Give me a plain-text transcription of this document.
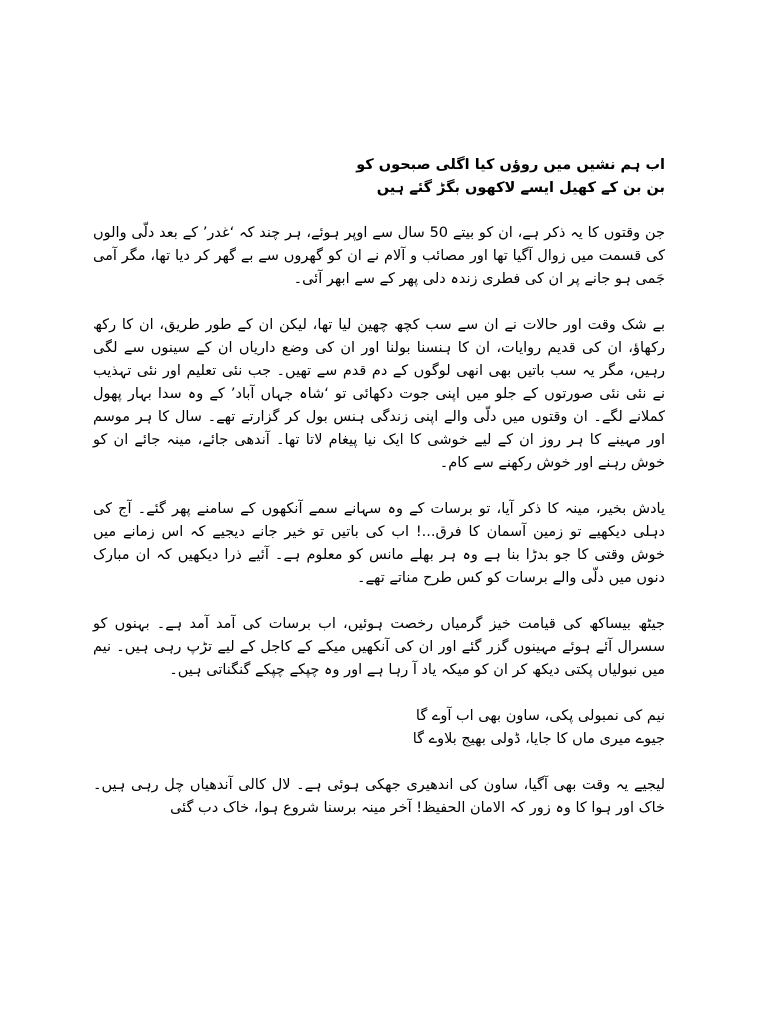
اب ہم نشیں میں روؤں کیا اگلی صبحوں کو
بن بن کے کھیل ایسے لاکھوں بگڑ گئے ہیں

جن وقتوں کا یہ ذکر ہے، ان کو بیتے 50 سال سے اوپر ہوئے، ہر چند کہ ‘غدر’ کے بعد دلّی والوں کی قسمت میں زوال آگیا تھا اور مصائب و آلام نے ان کو گھروں سے بے گھر کر دیا تھا، مگر آمی جَمی ہو جانے پر ان کی فطری زندہ دلی پھر کے سے ابھر آئی۔

بے شک وقت اور حالات نے ان سے سب کچھ چھین لیا تھا، لیکن ان کے طور طریق، ان کا رکھ رکھاؤ، ان کی قدیم روایات، ان کا ہنسنا بولنا اور ان کی وضع داریاں ان کے سینوں سے لگی رہیں، مگر یہ سب باتیں بھی انھی لوگوں کے دم قدم سے تھیں۔ جب نئی تعلیم اور نئی تہذیب نے نئی نئی صورتوں کے جلو میں اپنی جوت دکھائی تو ‘شاہ جہاں آباد’ کے وہ سدا بہار پھول کملانے لگے۔ ان وقتوں میں دلّی والے اپنی زندگی ہنس بول کر گزارتے تھے۔ سال کا ہر موسم اور مہینے کا ہر روز ان کے لیے خوشی کا ایک نیا پیغام لاتا تھا۔ آندھی جائے، مینہ جائے ان کو خوش رہنے اور خوش رکھنے سے کام۔

یادش بخیر، مینہ کا ذکر آیا، تو برسات کے وہ سہانے سمے آنکھوں کے سامنے پھر گئے۔ آج کی دہلی دیکھیے تو زمین آسمان کا فرق...! اب کی باتیں تو خیر جانے دیجیے کہ اس زمانے میں خوش وقتی کا جو بدڑا بنا ہے وہ ہر بھلے مانس کو معلوم ہے۔ آئیے ذرا دیکھیں کہ ان مبارک دنوں میں دلّی والے برسات کو کس طرح مناتے تھے۔

جیٹھ بیساکھ کی قیامت خیز گرمیاں رخصت ہوئیں، اب برسات کی آمد آمد ہے۔ بہنوں کو سسرال آئے ہوئے مہینوں گزر گئے اور ان کی آنکھیں میکے کے کاجل کے لیے تڑپ رہی ہیں۔ نیم میں نبولیاں پکتی دیکھ کر ان کو میکہ یاد آ رہا ہے اور وہ چپکے چپکے گنگناتی ہیں۔

نیم کی نمبولی پکی، ساون بھی اب آوے گا
جیوے میری ماں کا جایا، ڈولی بھیج بلاوے گا

لیجیے یہ وقت بھی آگیا، ساون کی اندھیری جھکی ہوئی ہے۔ لال کالی آندھیاں چل رہی ہیں۔ خاک اور ہوا کا وہ زور کہ الامان الحفیظ! آخر مینہ برسنا شروع ہوا، خاک دب گئی
